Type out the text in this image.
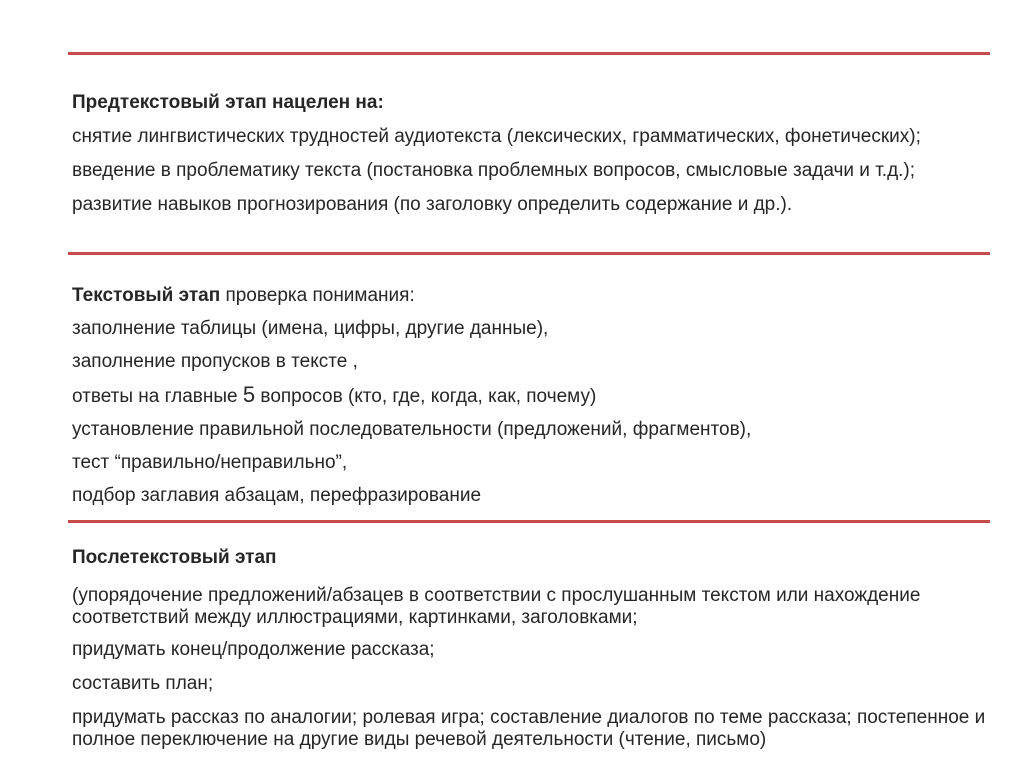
Предтекстовый этап нацелен на:

снятие лингвистических трудностей аудиотекста (лексических, грамматических, фонетических);

введение в проблематику текста (постановка проблемных вопросов, смысловые задачи и т.д.);

развитие навыков прогнозирования (по заголовку определить содержание и др.).

Текстовый этап проверка понимания:

заполнение таблицы (имена, цифры, другие данные),

заполнение пропусков в тексте ,

ответы на главные 5 вопросов (кто, где, когда, как, почему)

установление правильной последовательности (предложений, фрагментов),

тест “правильно/неправильно”,

подбор заглавия абзацам, перефразирование

Послетекстовый этап

(упорядочение предложений/абзацев в соответствии с прослушанным текстом или нахождение соответствий между иллюстрациями, картинками, заголовками;

придумать конец/продолжение рассказа;

составить план;

придумать рассказ по аналогии; ролевая игра; составление диалогов по теме рассказа; постепенное и полное переключение на другие виды речевой деятельности (чтение, письмо)
